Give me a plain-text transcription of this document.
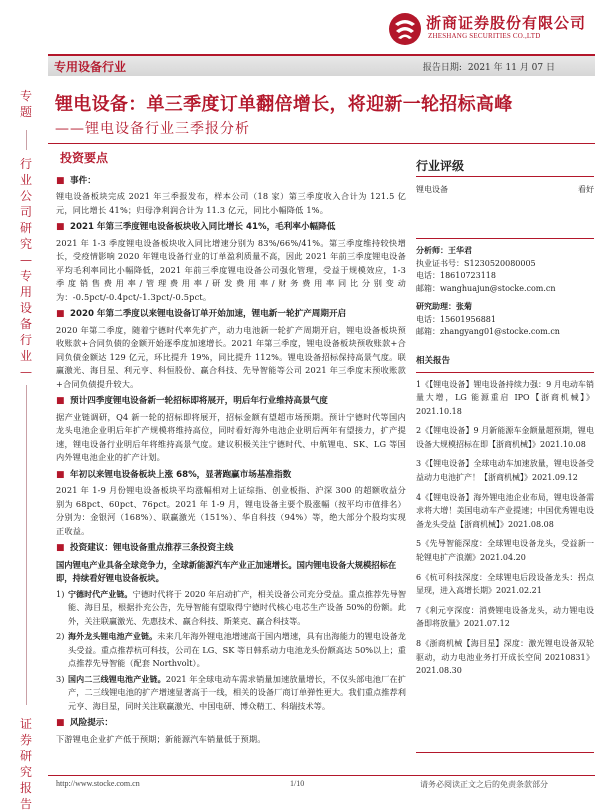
浙商证券股份有限公司
ZHESHANG SECURITIES CO.,LTD
专用设备行业	报告日期: 2021 年 11 月 07 日
专题
行业公司研究—专用设备行业—
证券研究报告
锂电设备：单三季度订单翻倍增长，将迎新一轮招标高峰
——锂电设备行业三季报分析
投资要点
■ 事件：
锂电设备板块完成 2021 年三季报发布，样本公司（18 家）第三季度收入合计为 121.5 亿元，同比增长 41%；归母净利润合计为 11.3 亿元，同比小幅降低 1%。
■ 2021 年第三季度锂电设备板块收入同比增长 41%，毛利率小幅降低
2021 年 1-3 季度锂电设备板块收入同比增速分别为 83%/66%/41%。第三季度维持较快增长，受疫情影响 2020 年锂电设备行业的订单盈利质量不高，因此 2021 年前三季度锂电设备平均毛利率同比小幅降低，2021 年前三季度锂电设备公司强化管理，受益于规模效应，1-3 季度销售费用率/管理费用率/研发费用率/财务费用率同比分别变动为：-0.5pct/-0.4pct/-1.3pct/-0.5pct。
■ 2020 年第二季度以来锂电设备订单开始加速，锂电新一轮扩产周期开启
2020 年第二季度，随着宁德时代率先扩产，动力电池新一轮扩产周期开启，锂电设备板块预收账款+合同负债的金额开始逐季度加速增长。2021 年第三季度，锂电设备板块预收账款+合同负债金额达 129 亿元，环比提升 19%，同比提升 112%。锂电设备招标保持高景气度。联赢激光、海目星、利元亨、科恒股份、赢合科技、先导智能等公司 2021 年三季度末预收账款+合同负债提升较大。
■ 预计四季度锂电设备新一轮招标即将展开，明后年行业维持高景气度
据产业链调研，Q4 新一轮的招标即将展开，招标金额有望超市场预期。预计宁德时代等国内龙头电池企业明后年扩产规模将维持高位，同时看好海外电池企业明后两年有望接力，扩产提速，锂电设备行业明后年将维持高景气度。建议积极关注宁德时代、中航锂电、SK、LG 等国内外锂电池企业的扩产计划。
■ 年初以来锂电设备板块上涨 68%，显著跑赢市场基准指数
2021 年 1-9 月份锂电设备板块平均涨幅相对上证综指、创业板指、沪深 300 的超额收益分别为 68pct、60pct、76pct。2021 年 1-9 月，锂电设备主要个股涨幅（按平均市值排名）分别为：金银河（168%）、联赢激光（151%）、华自科技（94%）等，绝大部分个股均实现正收益。
■ 投资建议：锂电设备重点推荐三条投资主线
国内锂电产业具备全球竞争力，全球新能源汽车产业正加速增长。国内锂电设备大规模招标在即，持续看好锂电设备板块。
1) 宁德时代产业链。宁德时代将于 2020 年启动扩产，相关设备公司充分受益。重点推荐先导智能、海目星，根据扑充公告，先导智能有望取得宁德时代核心电芯生产设备 50%的份额。此外，关注联赢激光、先惠技术、赢合科技、斯莱克、赢合科技等。
2) 海外龙头锂电池产业链。未来几年海外锂电池增速高于国内增速，具有出海能力的锂电设备龙头受益。重点推荐杭可科技，公司在 LG、SK 等日韩系动力电池龙头份额高达 50%以上；重点推荐先导智能（配套 Northvolt）。
3) 国内二三线锂电池产业链。2021 年全球电动车需求销量加速放量增长，不仅头部电池厂在扩产，二三线锂电池的扩产增速显著高于一线，相关的设备厂商订单弹性更大。我们重点推荐利元亨、海目星，同时关注联赢激光、中国电研、博众精工、科瑞技术等。
■ 风险提示：
下游锂电企业扩产低于预期；新能源汽车销量低于预期。
行业评级
锂电设备	看好
分析师：王华君
执业证书号：S1230520080005
电话：18610723118
邮箱：wanghuajun@stocke.com.cn
研究助理：张菊
电话：15601956881
邮箱：zhangyang01@stocke.com.cn
相关报告
1《【锂电设备】锂电设备持续力强：9 月电动车销量大增，LG 能源重启 IPO【浙商机械】》2021.10.18
2《【锂电设备】9 月新能源车金额量超预期，锂电设备大规模招标在即【浙商机械】》2021.10.08
3《【锂电设备】全球电动车加速放量，锂电设备受益动力电池扩产！【浙商机械】》2021.09.12
4《【锂电设备】海外锂电池企业布局，锂电设备需求将大增！美国电动车产业提速；中国优秀锂电设备龙头受益【浙商机械】》2021.08.08
5《先导智能深度：全球锂电设备龙头，受益新一轮锂电扩产浪潮》2021.04.20
6《杭可科技深度：全球锂电后段设备龙头：拐点显现，进入高增长期》2021.02.21
7《利元亨深度：消费锂电设备龙头，动力锂电设备即将放量》2021.07.12
8《浙商机械【海目星】深度：激光锂电设备双轮驱动，动力电池业务打开成长空间 20210831》2021.08.30
http://www.stocke.com.cn	1/10	请务必阅读正文之后的免责条款部分
